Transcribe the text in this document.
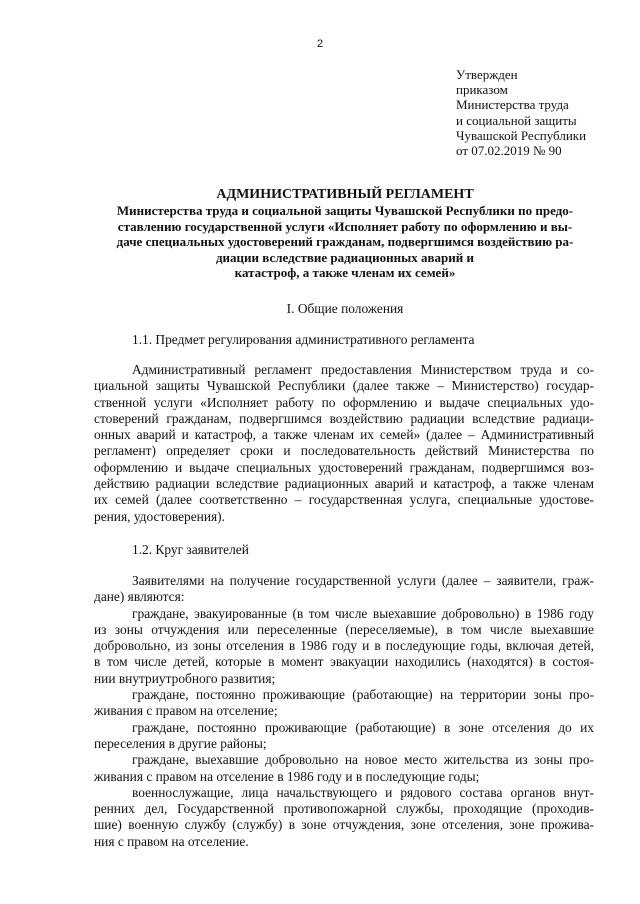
2
Утвержден
приказом
Министерства труда
и социальной защиты
Чувашской Республики
от 07.02.2019 № 90
АДМИНИСТРАТИВНЫЙ РЕГЛАМЕНТ
Министерства труда и социальной защиты Чувашской Республики по предо-
ставлению государственной услуги «Исполняет работу по оформлению и вы-
даче специальных удостоверений гражданам, подвергшимся воздействию ра-
диации вследствие радиационных аварий и
катастроф, а также членам их семей»
I. Общие положения
1.1. Предмет регулирования административного регламента
Административный регламент предоставления Министерством труда и со-
циальной защиты Чувашской Республики (далее также – Министерство) государ-
ственной услуги «Исполняет работу по оформлению и выдаче специальных удо-
стоверений гражданам, подвергшимся воздействию радиации вследствие радиаци-
онных аварий и катастроф, а также членам их семей» (далее – Административный
регламент) определяет сроки и последовательность действий Министерства по
оформлению и выдаче специальных удостоверений гражданам, подвергшимся воз-
действию радиации вследствие радиационных аварий и катастроф, а также членам
их семей (далее соответственно – государственная услуга, специальные удостове-
рения, удостоверения).
1.2. Круг заявителей
Заявителями на получение государственной услуги (далее – заявители, граж-
дане) являются:
граждане, эвакуированные (в том числе выехавшие добровольно) в 1986 году
из зоны отчуждения или переселенные (переселяемые), в том числе выехавшие
добровольно, из зоны отселения в 1986 году и в последующие годы, включая детей,
в том числе детей, которые в момент эвакуации находились (находятся) в состоя-
нии внутриутробного развития;
граждане, постоянно проживающие (работающие) на территории зоны про-
живания с правом на отселение;
граждане, постоянно проживающие (работающие) в зоне отселения до их
переселения в другие районы;
граждане, выехавшие добровольно на новое место жительства из зоны про-
живания с правом на отселение в 1986 году и в последующие годы;
военнослужащие, лица начальствующего и рядового состава органов внут-
ренних дел, Государственной противопожарной службы, проходящие (проходив-
шие) военную службу (службу) в зоне отчуждения, зоне отселения, зоне прожива-
ния с правом на отселение.
